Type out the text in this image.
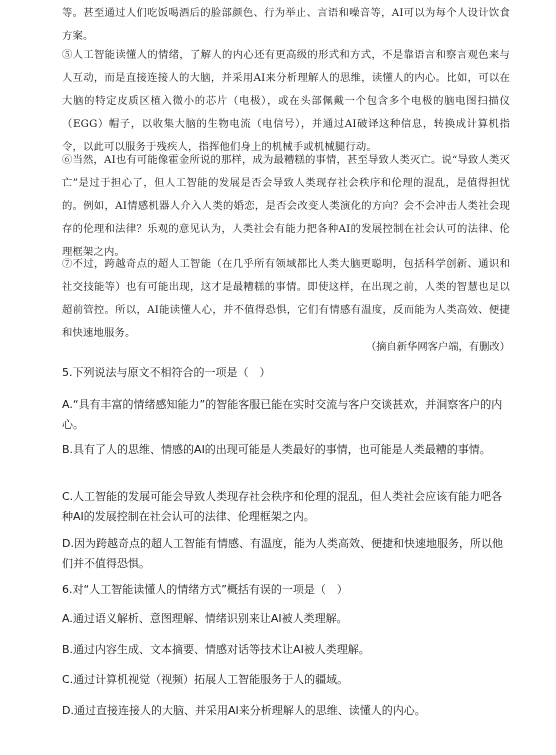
等。甚至通过人们吃饭喝酒后的脸部颜色、行为举止、言语和噪音等，AI可以为每个人设计饮食方案。

⑤人工智能读懂人的情绪，了解人的内心还有更高级的形式和方式，不是靠语言和察言观色来与人互动，而是直接连接人的大脑，并采用AI来分析理解人的思维，读懂人的内心。比如，可以在大脑的特定皮质区植入微小的芯片（电极），或在头部佩戴一个包含多个电极的脑电图扫描仪（EGG）帽子，以收集大脑的生物电流（电信号），并通过AI破译这种信息，转换成计算机指令，以此可以服务于残疾人，指挥他们身上的机械手或机械腿行动。

⑥当然，AI也有可能像霍金所说的那样，成为最糟糕的事情，甚至导致人类灭亡。说“导致人类灭亡”是过于担心了，但人工智能的发展是否会导致人类现存社会秩序和伦理的混乱，是值得担忧的。例如，AI情感机器人介入人类的婚恋，是否会改变人类演化的方向？会不会冲击人类社会现存的伦理和法律？乐观的意见认为，人类社会有能力把各种AI的发展控制在社会认可的法律、伦理框架之内。

⑦不过，跨越奇点的超人工智能（在几乎所有领域都比人类大脑更聪明，包括科学创新、通识和社交技能等）也有可能出现，这才是最糟糕的事情。即使这样，在出现之前，人类的智慧也足以超前管控。所以，AI能读懂人心，并不值得恐惧，它们有情感有温度，反而能为人类高效、便捷和快速地服务。

（摘自新华网客户端，有删改）
5.下列说法与原文不相符合的一项是（　）

A.“具有丰富的情绪感知能力”的智能客服已能在实时交流与客户交谈甚欢，并洞察客户的内心。

B.具有了人的思维、情感的AI的出现可能是人类最好的事情，也可能是人类最糟的事情。

C.人工智能的发展可能会导致人类现存社会秩序和伦理的混乱，但人类社会应该有能力吧各种AI的发展控制在社会认可的法律、伦理框架之内。

D.因为跨越奇点的超人工智能有情感、有温度，能为人类高效、便捷和快速地服务，所以他们并不值得恐惧。

6.对“人工智能读懂人的情绪方式”概括有误的一项是（　）

A.通过语义解析、意图理解、情绪识别来让AI被人类理解。

B.通过内容生成、文本摘要、情感对话等技术让AI被人类理解。

C.通过计算机视觉（视频）拓展人工智能服务于人的疆域。

D.通过直接连接人的大脑、并采用AI来分析理解人的思维、读懂人的内心。
